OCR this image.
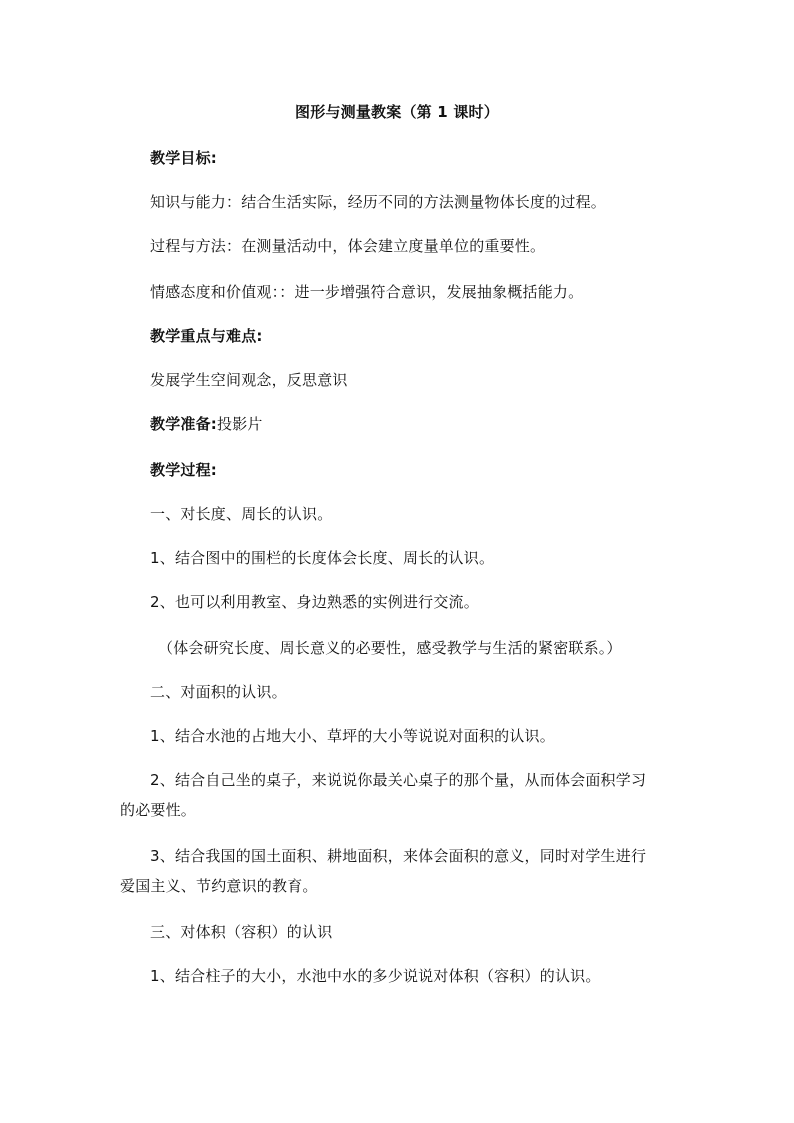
图形与测量教案（第 1 课时）
教学目标:
知识与能力：结合生活实际，经历不同的方法测量物体长度的过程。
过程与方法：在测量活动中，体会建立度量单位的重要性。
情感态度和价值观：：进一步增强符合意识，发展抽象概括能力。
教学重点与难点:
发展学生空间观念，反思意识
教学准备:投影片
教学过程:
一、对长度、周长的认识。
1、结合图中的围栏的长度体会长度、周长的认识。
2、也可以利用教室、身边熟悉的实例进行交流。
（体会研究长度、周长意义的必要性，感受教学与生活的紧密联系。）
二、对面积的认识。
1、结合水池的占地大小、草坪的大小等说说对面积的认识。
2、结合自己坐的桌子，来说说你最关心桌子的那个量，从而体会面积学习
的必要性。
3、结合我国的国土面积、耕地面积，来体会面积的意义，同时对学生进行
爱国主义、节约意识的教育。
三、对体积（容积）的认识
1、结合柱子的大小，水池中水的多少说说对体积（容积）的认识。
